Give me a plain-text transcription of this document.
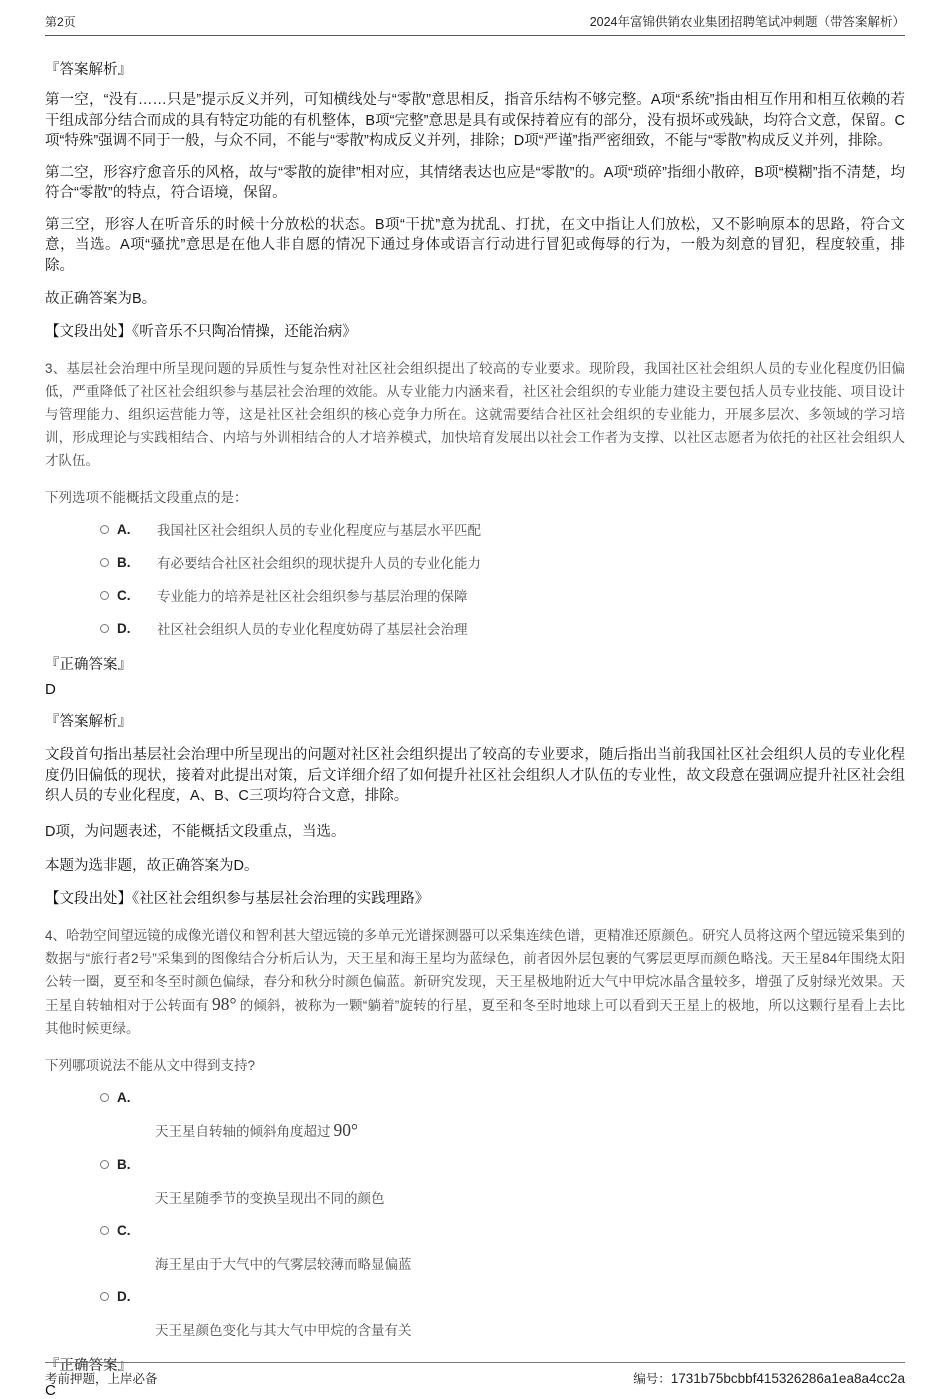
第2页	2024年富锦供销农业集团招聘笔试冲刺题（带答案解析）
『答案解析』

第一空，“没有……只是”提示反义并列，可知横线处与“零散”意思相反，指音乐结构不够完整。A项“系统”指由相互作用和相互依赖的若干组成部分结合而成的具有特定功能的有机整体，B项“完整”意思是具有或保持着应有的部分，没有损坏或残缺，均符合文意，保留。C项“特殊”强调不同于一般，与众不同，不能与“零散”构成反义并列，排除；D项“严谨”指严密细致，不能与“零散”构成反义并列，排除。

第二空，形容疗愈音乐的风格，故与“零散的旋律”相对应，其情绪表达也应是“零散”的。A项“琐碎”指细小散碎，B项“模糊”指不清楚，均符合“零散”的特点，符合语境，保留。

第三空，形容人在听音乐的时候十分放松的状态。B项“干扰”意为扰乱、打扰，在文中指让人们放松，又不影响原本的思路，符合文意，当选。A项“骚扰”意思是在他人非自愿的情况下通过身体或语言行动进行冒犯或侮辱的行为，一般为刻意的冒犯，程度较重，排除。

故正确答案为B。
【文段出处】《听音乐不只陶冶情操，还能治病》

3、基层社会治理中所呈现问题的异质性与复杂性对社区社会组织提出了较高的专业要求。现阶段，我国社区社会组织人员的专业化程度仍旧偏低，严重降低了社区社会组织参与基层社会治理的效能。从专业能力内涵来看，社区社会组织的专业能力建设主要包括人员专业技能、项目设计与管理能力、组织运营能力等，这是社区社会组织的核心竞争力所在。这就需要结合社区社会组织的专业能力，开展多层次、多领域的学习培训，形成理论与实践相结合、内培与外训相结合的人才培养模式，加快培育发展出以社会工作者为支撑、以社区志愿者为依托的社区社会组织人才队伍。

下列选项不能概括文段重点的是：
A.	我国社区社会组织人员的专业化程度应与基层水平匹配
B.	有必要结合社区社会组织的现状提升人员的专业化能力
C.	专业能力的培养是社区社会组织参与基层治理的保障
D.	社区社会组织人员的专业化程度妨碍了基层社会治理
『正确答案』
D
『答案解析』

文段首句指出基层社会治理中所呈现出的问题对社区社会组织提出了较高的专业要求，随后指出当前我国社区社会组织人员的专业化程度仍旧偏低的现状，接着对此提出对策，后文详细介绍了如何提升社区社会组织人才队伍的专业性，故文段意在强调应提升社区社会组织人员的专业化程度，A、B、C三项均符合文意，排除。

D项，为问题表述，不能概括文段重点，当选。
本题为选非题，故正确答案为D。
【文段出处】《社区社会组织参与基层社会治理的实践理路》

4、哈勃空间望远镜的成像光谱仪和智利甚大望远镜的多单元光谱探测器可以采集连续色谱，更精准还原颜色。研究人员将这两个望远镜采集到的数据与“旅行者2号”采集到的图像结合分析后认为，天王星和海王星均为蓝绿色，前者因外层包裹的气雾层更厚而颜色略浅。天王星84年围绕太阳公转一圈，夏至和冬至时颜色偏绿，春分和秋分时颜色偏蓝。新研究发现，天王星极地附近大气中甲烷冰晶含量较多，增强了反射绿光效果。天王星自转轴相对于公转面有 98° 的倾斜，被称为一颗“躺着”旋转的行星，夏至和冬至时地球上可以看到天王星上的极地，所以这颗行星看上去比其他时候更绿。

下列哪项说法不能从文中得到支持?
A.
天王星自转轴的倾斜角度超过 90°
B.
天王星随季节的变换呈现出不同的颜色
C.
海王星由于大气中的气雾层较薄而略显偏蓝
D.
天王星颜色变化与其大气中甲烷的含量有关
『正确答案』
C
考前押题，上岸必备	编号：1731b75bcbbf415326286a1ea8a4cc2a
